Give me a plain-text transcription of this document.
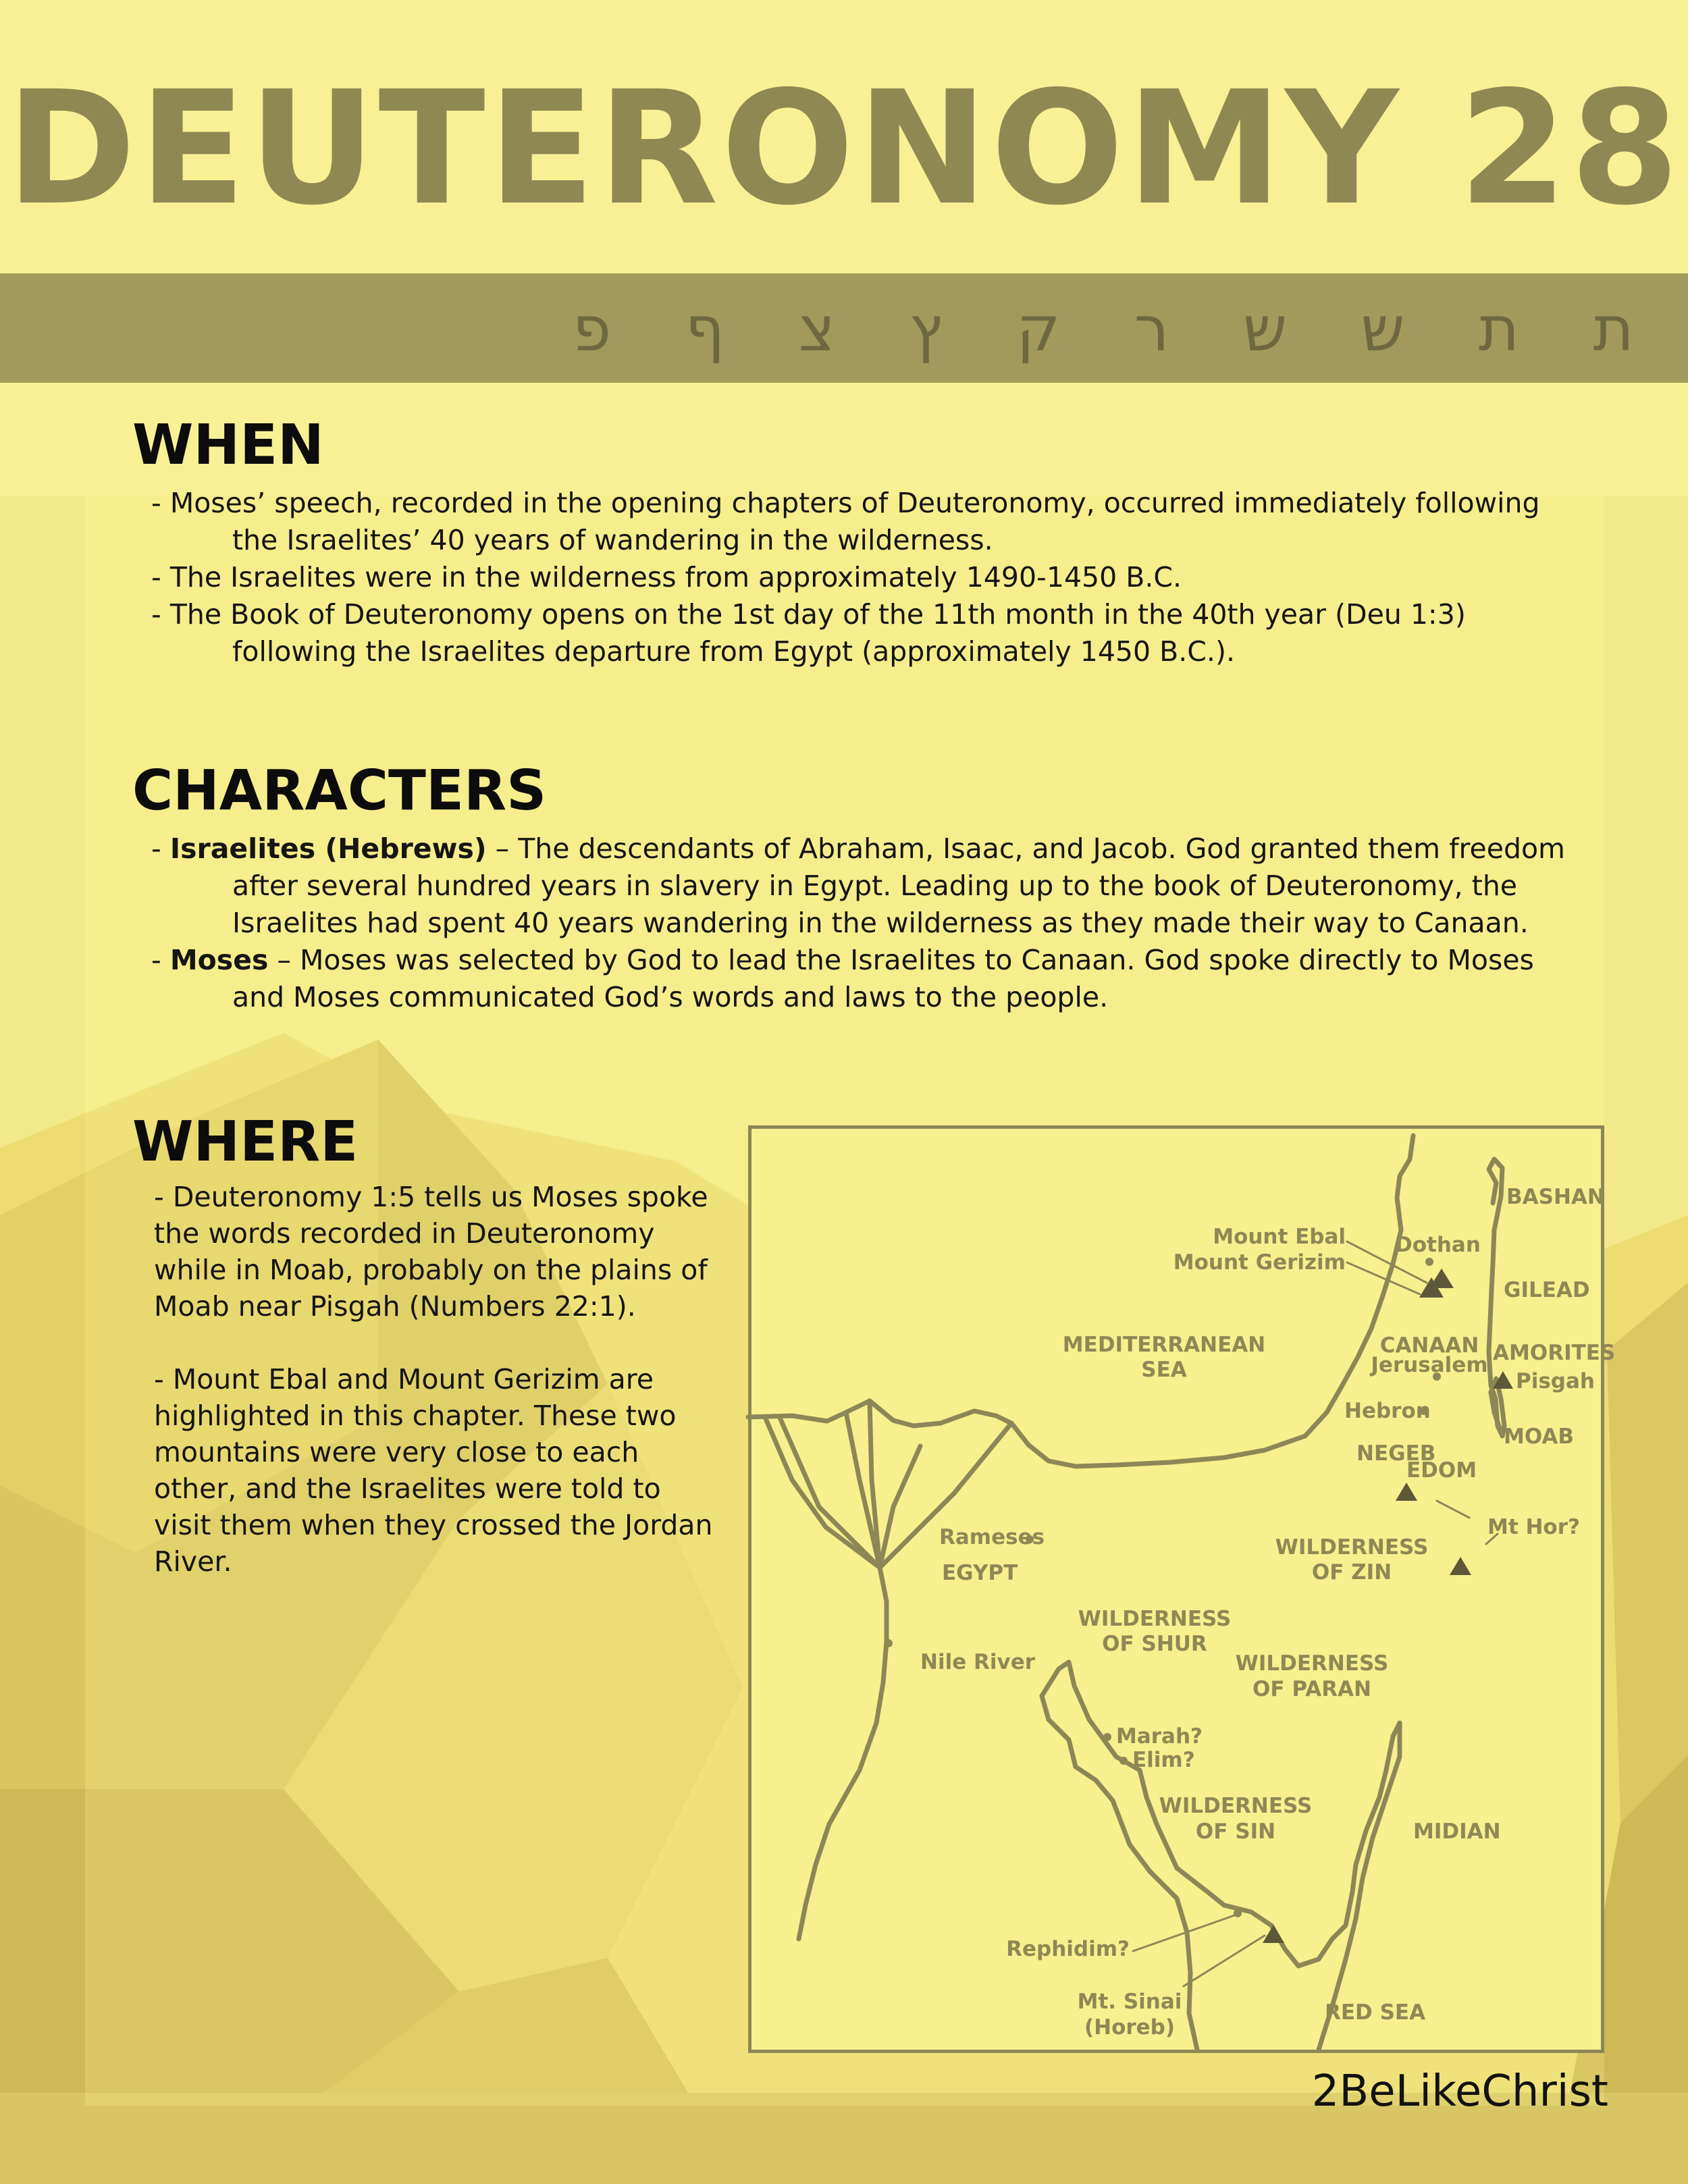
DEUTERONOMY 28
ת ת ש ש ר ק ץ צ ף פ
WHEN
- Moses’ speech, recorded in the opening chapters of Deuteronomy, occurred immediately following the Israelites’ 40 years of wandering in the wilderness.
- The Israelites were in the wilderness from approximately 1490-1450 B.C.
- The Book of Deuteronomy opens on the 1st day of the 11th month in the 40th year (Deu 1:3) following the Israelites departure from Egypt (approximately 1450 B.C.).
CHARACTERS
- Israelites (Hebrews) – The descendants of Abraham, Isaac, and Jacob. God granted them freedom after several hundred years in slavery in Egypt. Leading up to the book of Deuteronomy, the Israelites had spent 40 years wandering in the wilderness as they made their way to Canaan.
- Moses – Moses was selected by God to lead the Israelites to Canaan. God spoke directly to Moses and Moses communicated God’s words and laws to the people.
WHERE

- Deuteronomy 1:5 tells us Moses spoke the words recorded in Deuteronomy while in Moab, probably on the plains of Moab near Pisgah (Numbers 22:1).

- Mount Ebal and Mount Gerizim are highlighted in this chapter. These two mountains were very close to each other, and the Israelites were told to visit them when they crossed the Jordan River.

BASHAN
Dothan
Mount Ebal
Mount Gerizim
GILEAD
MEDITERRANEAN
SEA
CANAAN
Jerusalem AMORITES
Pisgah
Hebron
MOAB
NEGEB
EDOM
Rameses	Mt Hor?
EGYPT
WILDERNESS
OF ZIN
WILDERNESS
OF SHUR
Nile River	WILDERNESS
OF PARAN
Marah?
Elim?
WILDERNESS
OF SIN	MIDIAN
Rephidim?
Mt. Sinai
(Horeb)
RED SEA
2BeLikeChrist
